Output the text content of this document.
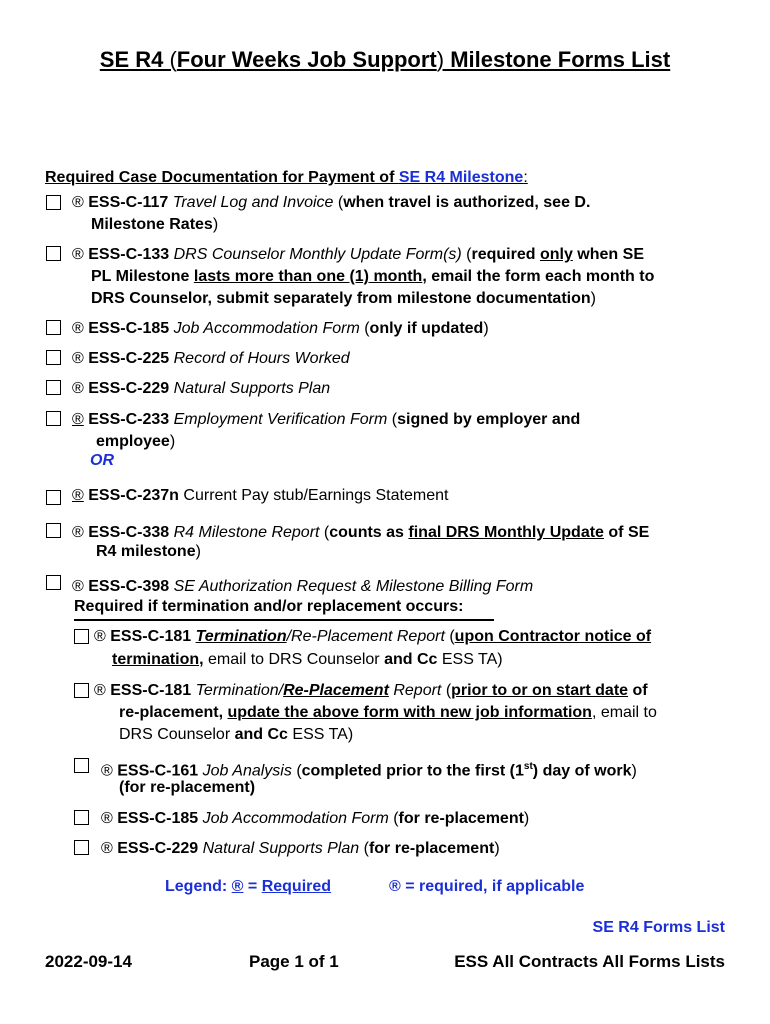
SE R4 (Four Weeks Job Support) Milestone Forms List
Required Case Documentation for Payment of SE R4 Milestone:
® ESS-C-117 Travel Log and Invoice (when travel is authorized, see D.
Milestone Rates)
® ESS-C-133 DRS Counselor Monthly Update Form(s) (required only when SE
PL Milestone lasts more than one (1) month, email the form each month to
DRS Counselor, submit separately from milestone documentation)
® ESS-C-185 Job Accommodation Form (only if updated)
® ESS-C-225 Record of Hours Worked
® ESS-C-229 Natural Supports Plan
® ESS-C-233 Employment Verification Form (signed by employer and
employee)
OR
® ESS-C-237n Current Pay stub/Earnings Statement
® ESS-C-338 R4 Milestone Report (counts as final DRS Monthly Update of SE
R4 milestone)
® ESS-C-398 SE Authorization Request & Milestone Billing Form
Required if termination and/or replacement occurs:
® ESS-C-181 Termination/Re-Placement Report (upon Contractor notice of
termination, email to DRS Counselor and Cc ESS TA)
® ESS-C-181 Termination/Re-Placement Report (prior to or on start date of
re-placement, update the above form with new job information, email to
DRS Counselor and Cc ESS TA)
® ESS-C-161 Job Analysis (completed prior to the first (1st) day of work)
(for re-placement)
® ESS-C-185 Job Accommodation Form (for re-placement)
® ESS-C-229 Natural Supports Plan (for re-placement)
Legend: ® = Required	® = required, if applicable
SE R4 Forms List
2022-09-14	Page 1 of 1	ESS All Contracts All Forms Lists
